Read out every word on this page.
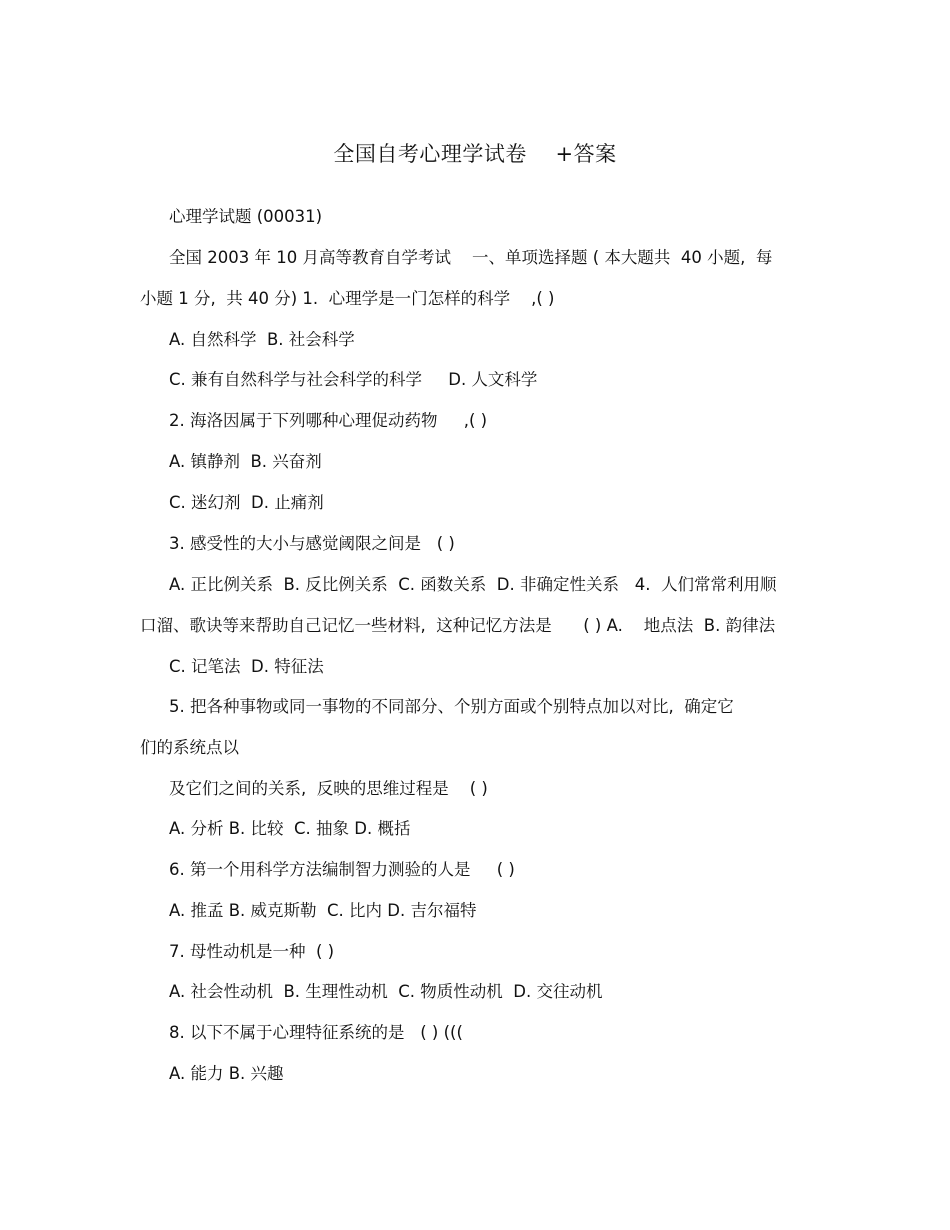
全国自考心理学试卷    +答案
心理学试题 (00031)
全国 2003 年 10 月高等教育自学考试    一、单项选择题 ( 本大题共  40 小题,  每
小题 1 分,  共 40 分) 1.  心理学是一门怎样的科学    ,( )
A. 自然科学  B. 社会科学
C. 兼有自然科学与社会科学的科学     D. 人文科学
2. 海洛因属于下列哪种心理促动药物     ,( )
A. 镇静剂  B. 兴奋剂
C. 迷幻剂  D. 止痛剂
3. 感受性的大小与感觉阈限之间是   ( )
A. 正比例关系  B. 反比例关系  C. 函数关系  D. 非确定性关系   4.  人们常常利用顺
口溜、歌诀等来帮助自己记忆一些材料,  这种记忆方法是      ( ) A.    地点法  B. 韵律法
C. 记笔法  D. 特征法
5. 把各种事物或同一事物的不同部分、个别方面或个别特点加以对比,  确定它
们的系统点以
及它们之间的关系,  反映的思维过程是    ( )
A. 分析 B. 比较  C. 抽象 D. 概括
6. 第一个用科学方法编制智力测验的人是     ( )
A. 推孟 B. 威克斯勒  C. 比内 D. 吉尔福特
7. 母性动机是一种  ( )
A. 社会性动机  B. 生理性动机  C. 物质性动机  D. 交往动机
8. 以下不属于心理特征系统的是   ( ) (((
A. 能力 B. 兴趣
